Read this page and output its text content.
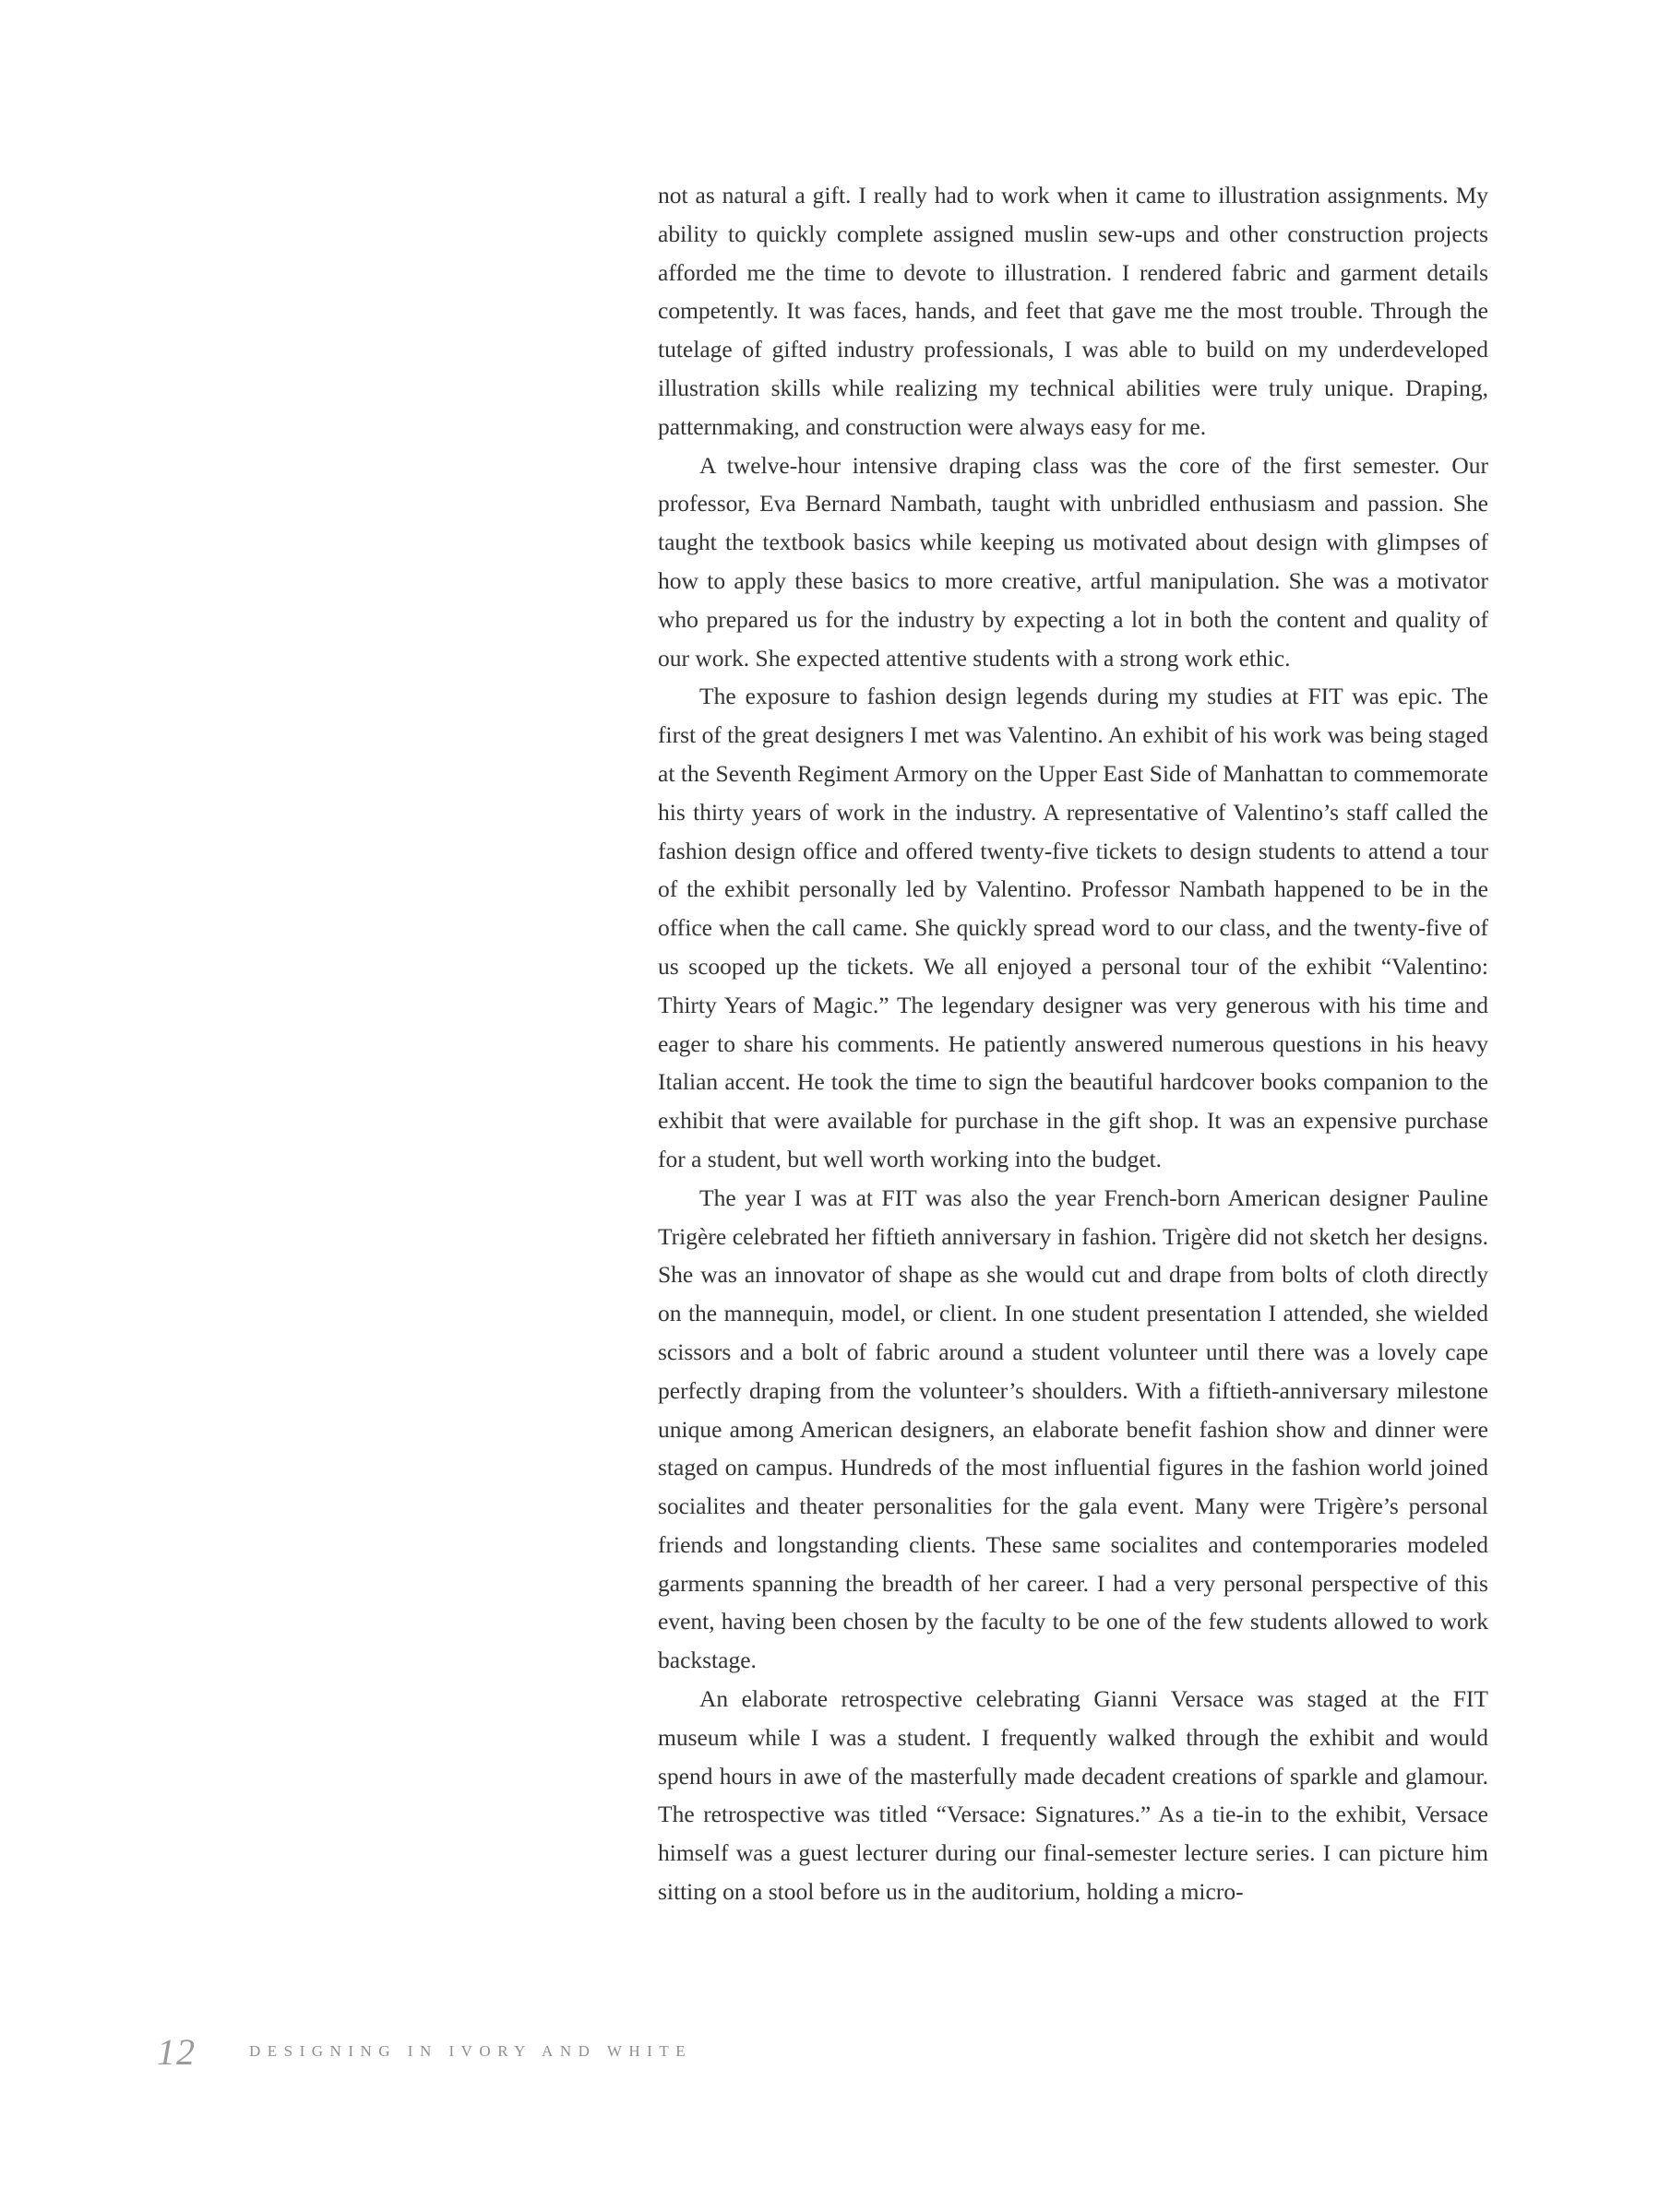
not as natural a gift. I really had to work when it came to illustration assignments. My ability to quickly complete assigned muslin sew-ups and other construction projects afforded me the time to devote to illustration. I rendered fabric and garment details competently. It was faces, hands, and feet that gave me the most trouble. Through the tutelage of gifted industry professionals, I was able to build on my underdeveloped illustration skills while realizing my technical abilities were truly unique. Draping, patternmaking, and construction were always easy for me.

A twelve-hour intensive draping class was the core of the first semester. Our professor, Eva Bernard Nambath, taught with unbridled enthusiasm and passion. She taught the textbook basics while keeping us motivated about design with glimpses of how to apply these basics to more creative, artful manipulation. She was a motivator who prepared us for the industry by expecting a lot in both the content and quality of our work. She expected attentive students with a strong work ethic.

The exposure to fashion design legends during my studies at FIT was epic. The first of the great designers I met was Valentino. An exhibit of his work was being staged at the Seventh Regiment Armory on the Upper East Side of Manhattan to commemorate his thirty years of work in the industry. A representative of Valentino’s staff called the fashion design office and offered twenty-five tickets to design students to attend a tour of the exhibit personally led by Valentino. Professor Nambath happened to be in the office when the call came. She quickly spread word to our class, and the twenty-five of us scooped up the tickets. We all enjoyed a personal tour of the exhibit “Valentino: Thirty Years of Magic.” The legendary designer was very generous with his time and eager to share his comments. He patiently answered numerous questions in his heavy Italian accent. He took the time to sign the beautiful hardcover books companion to the exhibit that were available for purchase in the gift shop. It was an expensive purchase for a student, but well worth working into the budget.

The year I was at FIT was also the year French-born American designer Pauline Trigère celebrated her fiftieth anniversary in fashion. Trigère did not sketch her designs. She was an innovator of shape as she would cut and drape from bolts of cloth directly on the mannequin, model, or client. In one student presentation I attended, she wielded scissors and a bolt of fabric around a student volunteer until there was a lovely cape perfectly draping from the volunteer’s shoulders. With a fiftieth-anniversary milestone unique among American designers, an elaborate benefit fashion show and dinner were staged on campus. Hundreds of the most influential figures in the fashion world joined socialites and theater personalities for the gala event. Many were Trigère’s personal friends and longstanding clients. These same socialites and contemporaries modeled garments spanning the breadth of her career. I had a very personal perspective of this event, having been chosen by the faculty to be one of the few students allowed to work backstage.

An elaborate retrospective celebrating Gianni Versace was staged at the FIT museum while I was a student. I frequently walked through the exhibit and would spend hours in awe of the masterfully made decadent creations of sparkle and glamour. The retrospective was titled “Versace: Signatures.” As a tie-in to the exhibit, Versace himself was a guest lecturer during our final-semester lecture series. I can picture him sitting on a stool before us in the auditorium, holding a micro-

12	DESIGNING IN IVORY AND WHITE
